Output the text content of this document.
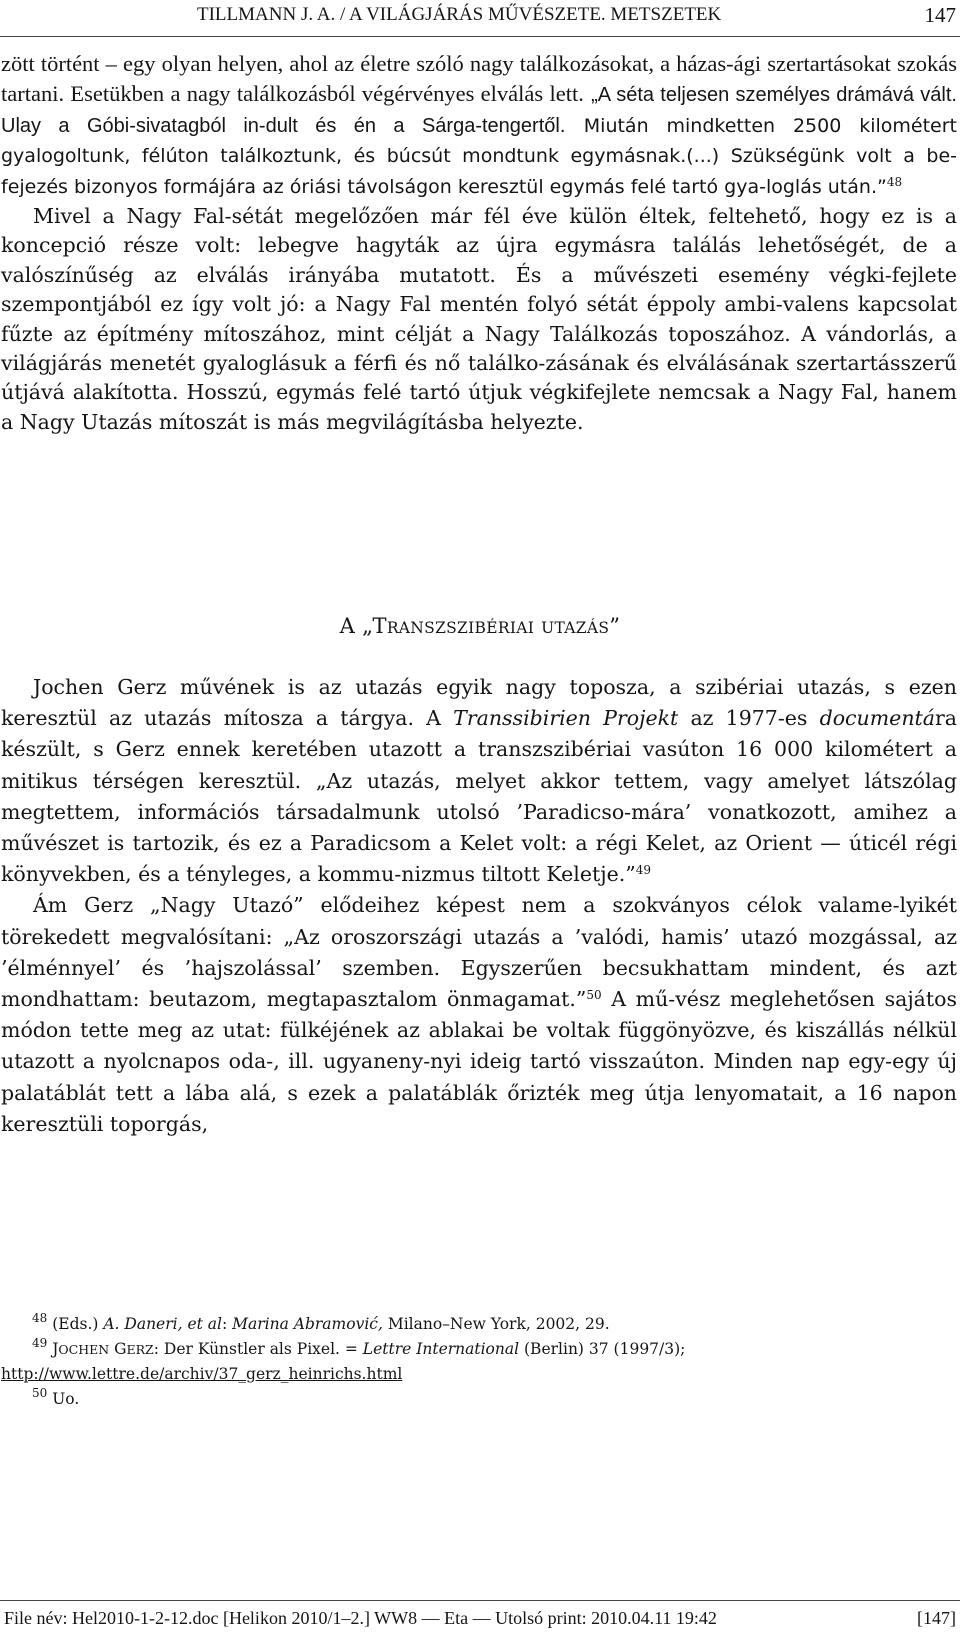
TILLMANN J. A. / A VILÁGJÁRÁS MŰVÉSZETE. METSZETEK	147

zött történt – egy olyan helyen, ahol az életre szóló nagy találkozásokat, a házas-ági szertartásokat szokás tartani. Esetükben a nagy találkozásból végérvényes elválás lett. „A séta teljesen személyes drámává vált. Ulay a Góbi-sivatagból in-dult és én a Sárga-tengertől. Miután mindketten 2500 kilométert gyalogoltunk, félúton találkoztunk, és búcsút mondtunk egymásnak.(...) Szükségünk volt a be-fejezés bizonyos formájára az óriási távolságon keresztül egymás felé tartó gya-loglás után.”$^{48}$

Mivel a Nagy Fal-sétát megelőzően már fél éve külön éltek, feltehető, hogy ez is a koncepció része volt: lebegve hagyták az újra egymásra találás lehetőségét, de a valószínűség az elválás irányába mutatott. És a művészeti esemény végki-fejlete szempontjából ez így volt jó: a Nagy Fal mentén folyó sétát éppoly ambi-valens kapcsolat fűzte az építmény mítoszához, mint célját a Nagy Találkozás toposzához. A vándorlás, a világjárás menetét gyaloglásuk a férfi és nő találko-zásának és elválásának szertartásszerű útjává alakította. Hosszú, egymás felé tartó útjuk végkifejlete nemcsak a Nagy Fal, hanem a Nagy Utazás mítoszát is más megvilágításba helyezte.

A „TRANSZSZIBÉRIAI UTAZÁS”

Jochen Gerz művének is az utazás egyik nagy toposza, a szibériai utazás, s ezen keresztül az utazás mítosza a tárgya. A Transsibirien Projekt az 1977-es documentára készült, s Gerz ennek keretében utazott a transzszibériai vasúton 16 000 kilométert a mitikus térségen keresztül. „Az utazás, melyet akkor tettem, vagy amelyet látszólag megtettem, információs társadalmunk utolsó ’Paradicso-mára’ vonatkozott, amihez a művészet is tartozik, és ez a Paradicsom a Kelet volt: a régi Kelet, az Orient — úticél régi könyvekben, és a tényleges, a kommu-nizmus tiltott Keletje.”$^{49}$

Ám Gerz „Nagy Utazó” elődeihez képest nem a szokványos célok valame-lyikét törekedett megvalósítani: „Az oroszországi utazás a ’valódi, hamis’ utazó mozgással, az ’élménnyel’ és ’hajszolással’ szemben. Egyszerűen becsukhattam mindent, és azt mondhattam: beutazom, megtapasztalom önmagamat.”$^{50}$ A mű-vész meglehetősen sajátos módon tette meg az utat: fülkéjének az ablakai be voltak függönyözve, és kiszállás nélkül utazott a nyolcnapos oda-, ill. ugyaneny-nyi ideig tartó visszaúton. Minden nap egy-egy új palatáblát tett a lába alá, s ezek a palatáblák őrizték meg útja lenyomatait, a 16 napon keresztüli toporgás,

$^{48}$ (Eds.) A. Daneri, et al: Marina Abramović, Milano–New York, 2002, 29.

$^{49}$ JOCHEN GERZ: Der Künstler als Pixel. = Lettre International (Berlin) 37 (1997/3);

http://www.lettre.de/archiv/37_gerz_heinrichs.html

$^{50}$ Uo.

File név: Hel2010-1-2-12.doc [Helikon 2010/1–2.] WW8 — Eta — Utolsó print: 2010.04.11 19:42	[147]
